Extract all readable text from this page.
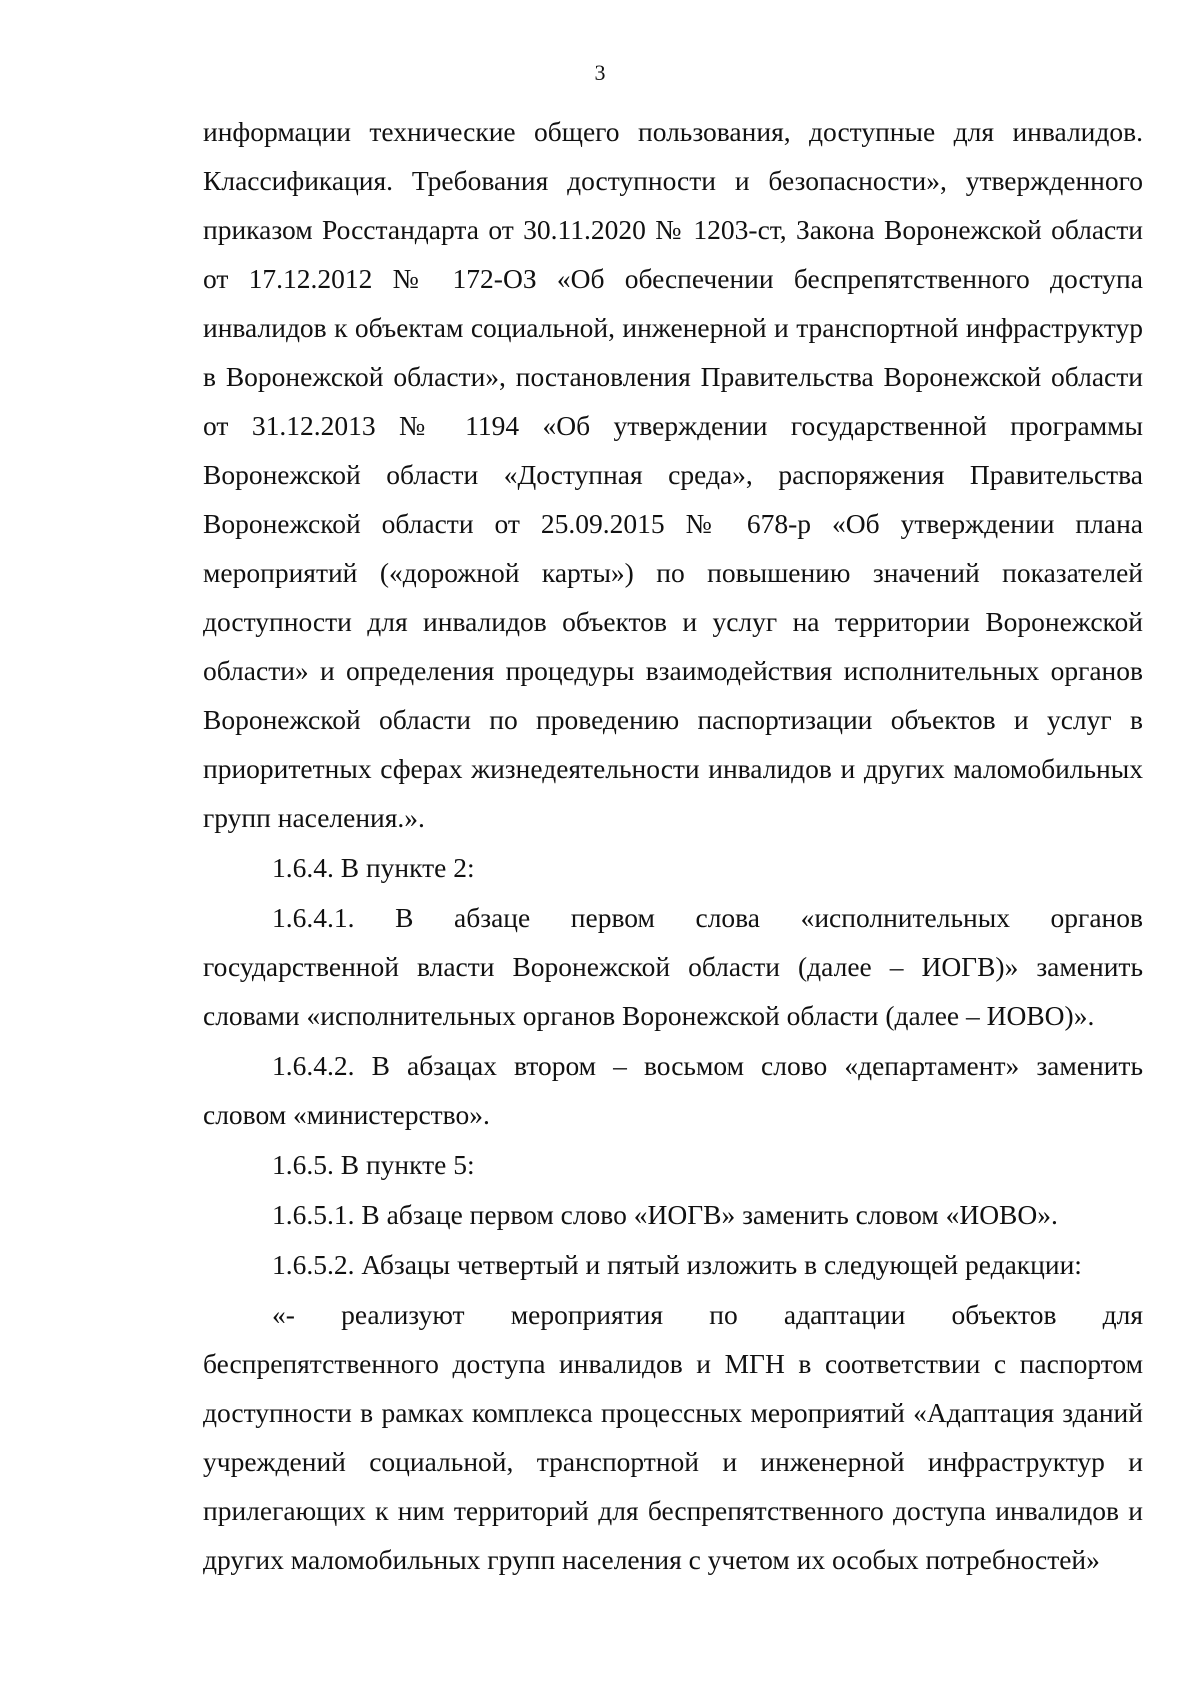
3

информации технические общего пользования, доступные для инвалидов. Классификация. Требования доступности и безопасности», утвержденного приказом Росстандарта от 30.11.2020 № 1203-ст, Закона Воронежской области от 17.12.2012 № 172-ОЗ «Об обеспечении беспрепятственного доступа инвалидов к объектам социальной, инженерной и транспортной инфраструктур в Воронежской области», постановления Правительства Воронежской области от 31.12.2013 № 1194 «Об утверждении государственной программы Воронежской области «Доступная среда», распоряжения Правительства Воронежской области от 25.09.2015 № 678-р «Об утверждении плана мероприятий («дорожной карты») по повышению значений показателей доступности для инвалидов объектов и услуг на территории Воронежской области» и определения процедуры взаимодействия исполнительных органов Воронежской области по проведению паспортизации объектов и услуг в приоритетных сферах жизнедеятельности инвалидов и других маломобильных групп населения.».

1.6.4. В пункте 2:

1.6.4.1. В абзаце первом слова «исполнительных органов государственной власти Воронежской области (далее – ИОГВ)» заменить словами «исполнительных органов Воронежской области (далее – ИОВО)».

1.6.4.2. В абзацах втором – восьмом слово «департамент» заменить словом «министерство».

1.6.5. В пункте 5:

1.6.5.1. В абзаце первом слово «ИОГВ» заменить словом «ИОВО».

1.6.5.2. Абзацы четвертый и пятый изложить в следующей редакции:

«- реализуют мероприятия по адаптации объектов для беспрепятственного доступа инвалидов и МГН в соответствии с паспортом доступности в рамках комплекса процессных мероприятий «Адаптация зданий учреждений социальной, транспортной и инженерной инфраструктур и прилегающих к ним территорий для беспрепятственного доступа инвалидов и других маломобильных групп населения с учетом их особых потребностей»
